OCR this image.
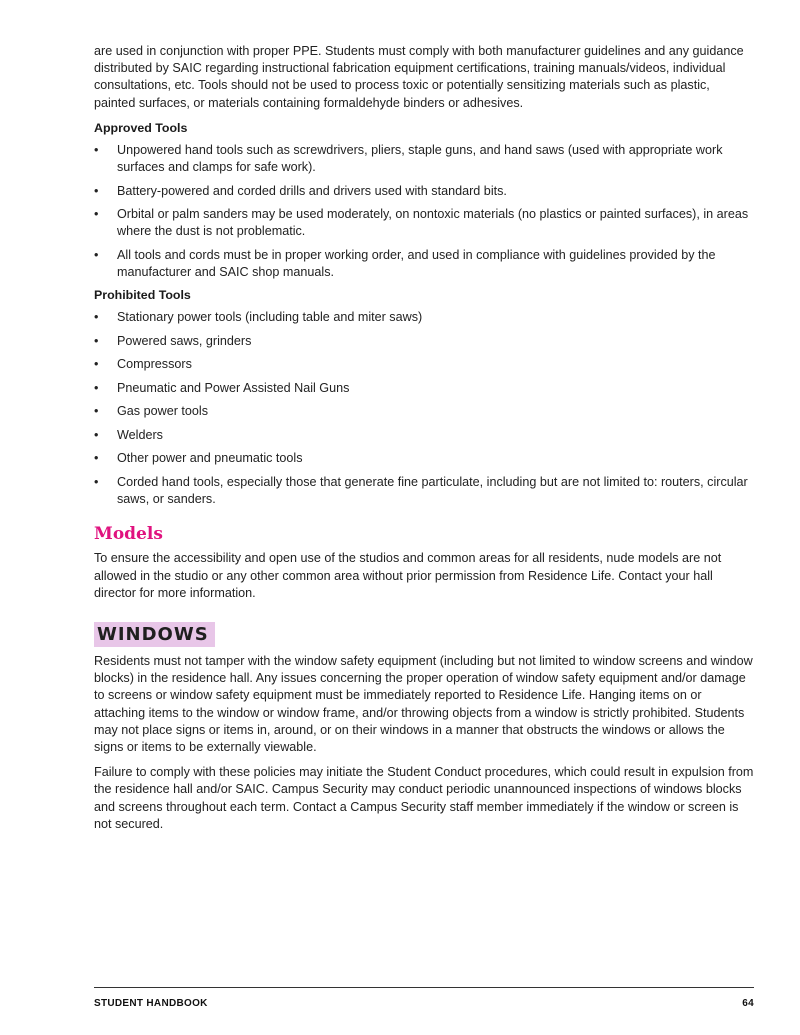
are used in conjunction with proper PPE. Students must comply with both manufacturer guidelines and any guidance distributed by SAIC regarding instructional fabrication equipment certifications, training manuals/videos, individual consultations, etc. Tools should not be used to process toxic or potentially sensitizing materials such as plastic, painted surfaces, or materials containing formaldehyde binders or adhesives.

Approved Tools
• Unpowered hand tools such as screwdrivers, pliers, staple guns, and hand saws (used with appropriate work surfaces and clamps for safe work).
• Battery-powered and corded drills and drivers used with standard bits.
• Orbital or palm sanders may be used moderately, on nontoxic materials (no plastics or painted surfaces), in areas where the dust is not problematic.
• All tools and cords must be in proper working order, and used in compliance with guidelines provided by the manufacturer and SAIC shop manuals.
Prohibited Tools
• Stationary power tools (including table and miter saws)
• Powered saws, grinders
• Compressors
• Pneumatic and Power Assisted Nail Guns
• Gas power tools
• Welders
• Other power and pneumatic tools
• Corded hand tools, especially those that generate fine particulate, including but are not limited to: routers, circular saws, or sanders.
Models

To ensure the accessibility and open use of the studios and common areas for all residents, nude models are not allowed in the studio or any other common area without prior permission from Residence Life. Contact your hall director for more information.

WINDOWS

Residents must not tamper with the window safety equipment (including but not limited to window screens and window blocks) in the residence hall. Any issues concerning the proper operation of window safety equipment and/or damage to screens or window safety equipment must be immediately reported to Residence Life. Hanging items on or attaching items to the window or window frame, and/or throwing objects from a window is strictly prohibited. Students may not place signs or items in, around, or on their windows in a manner that obstructs the windows or allows the signs or items to be externally viewable.

Failure to comply with these policies may initiate the Student Conduct procedures, which could result in expulsion from the residence hall and/or SAIC. Campus Security may conduct periodic unannounced inspections of windows blocks and screens throughout each term. Contact a Campus Security staff member immediately if the window or screen is not secured.

STUDENT HANDBOOK	64
